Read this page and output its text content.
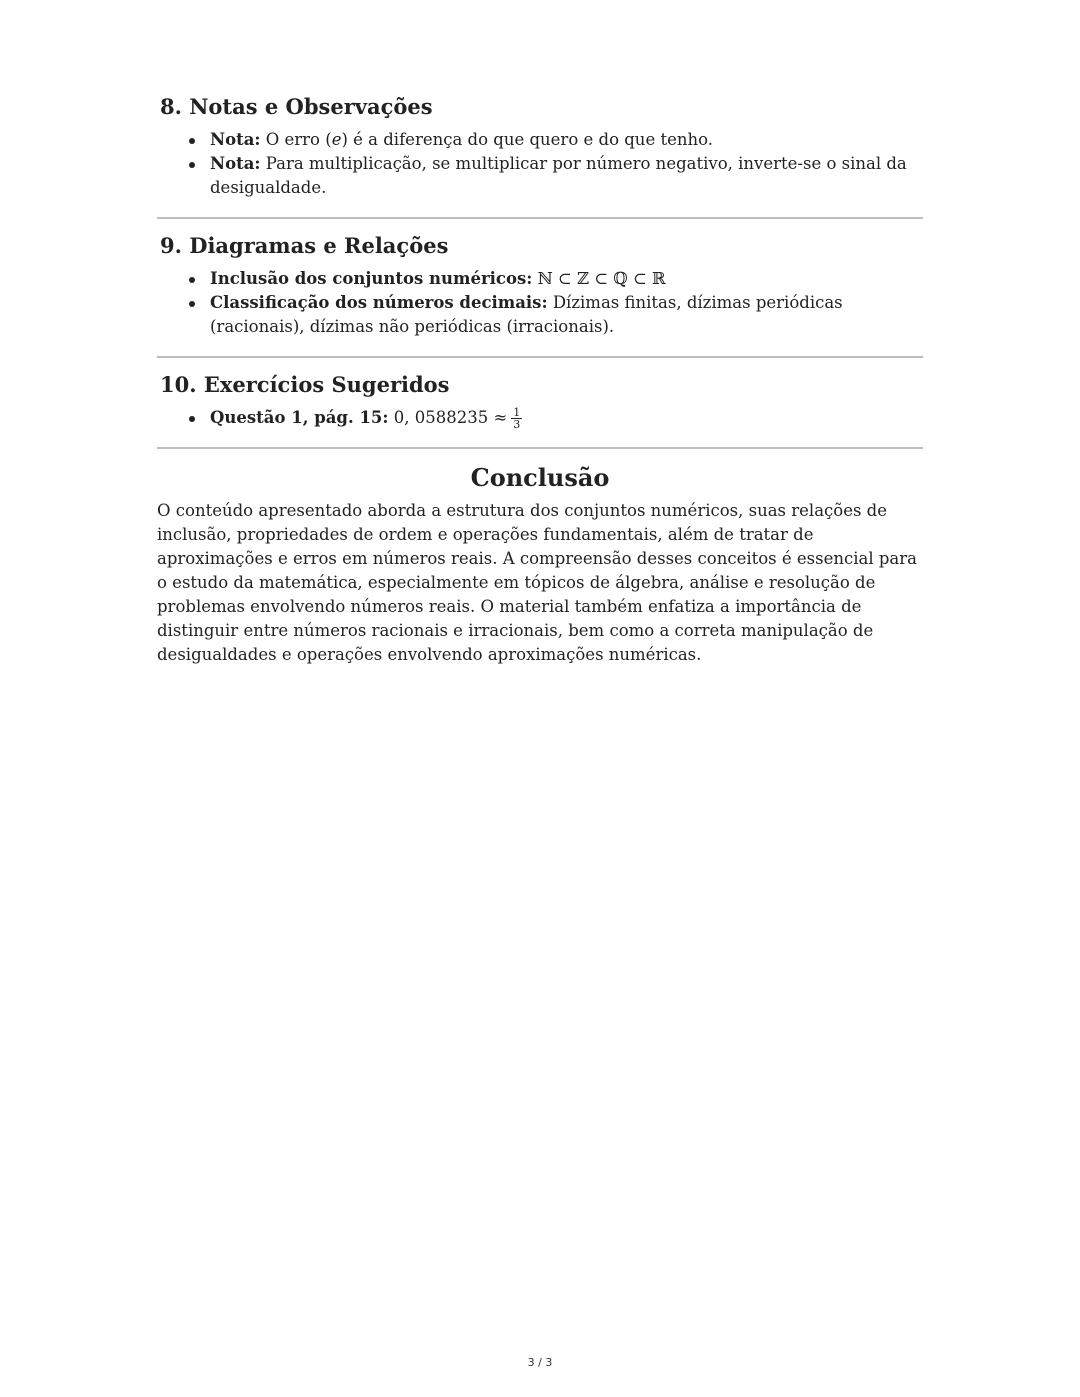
8. Notas e Observações
Nota: O erro (e) é a diferença do que quero e do que tenho.
Nota: Para multiplicação, se multiplicar por número negativo, inverte-se o sinal da desigualdade.
9. Diagramas e Relações
Inclusão dos conjuntos numéricos: ℕ ⊂ ℤ ⊂ ℚ ⊂ ℝ
Classificação dos números decimais: Dízimas finitas, dízimas periódicas (racionais), dízimas não periódicas (irracionais).
10. Exercícios Sugeridos
Questão 1, pág. 15: 0, $0588235 \approx \frac{1}{3}$
Conclusão

O conteúdo apresentado aborda a estrutura dos conjuntos numéricos, suas relações de inclusão, propriedades de ordem e operações fundamentais, além de tratar de aproximações e erros em números reais. A compreensão desses conceitos é essencial para o estudo da matemática, especialmente em tópicos de álgebra, análise e resolução de problemas envolvendo números reais. O material também enfatiza a importância de distinguir entre números racionais e irracionais, bem como a correta manipulação de desigualdades e operações envolvendo aproximações numéricas.

3 / 3
